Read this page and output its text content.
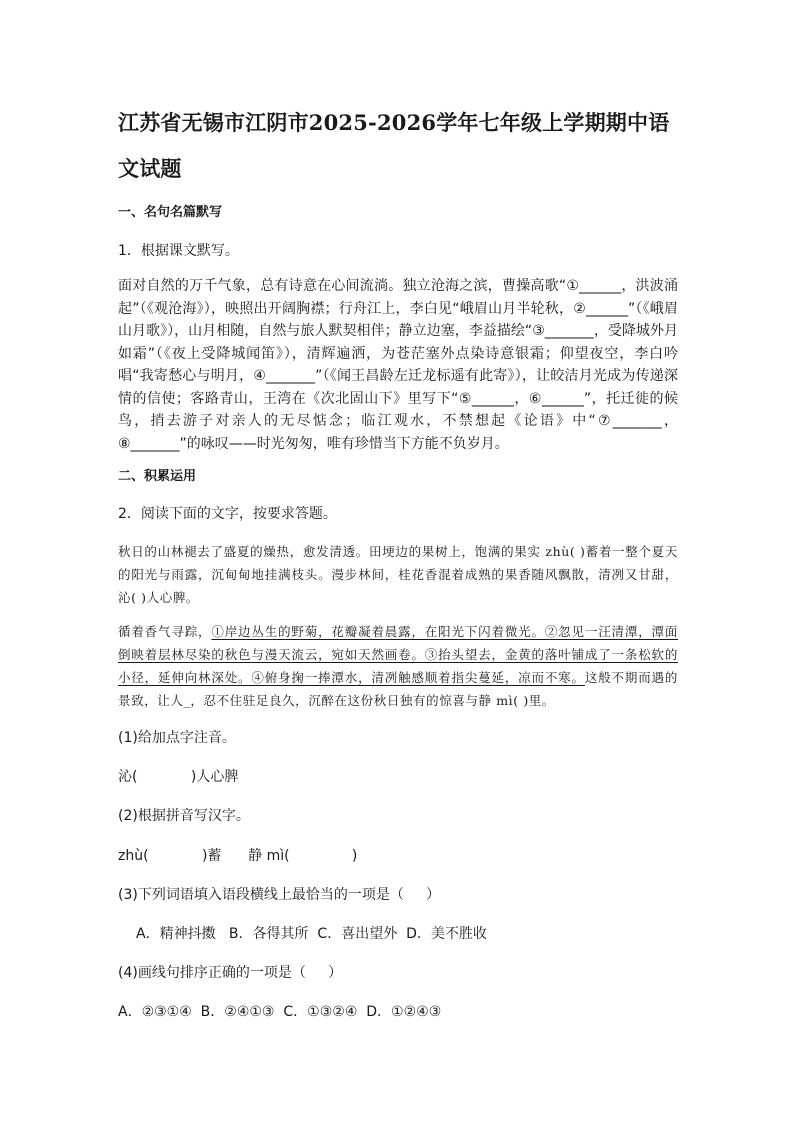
江苏省无锡市江阴市2025-2026学年七年级上学期期中语文试题
一、名句名篇默写
1．根据课文默写。
面对自然的万千气象，总有诗意在心间流淌。独立沧海之滨，曹操高歌“①______，洪波涌起”（《观沧海》），映照出开阔胸襟；行舟江上，李白见“峨眉山月半轮秋，②______”（《峨眉山月歌》），山月相随，自然与旅人默契相伴；静立边塞，李益描绘“③_______，受降城外月如霜”（《夜上受降城闻笛》），清辉遍洒，为苍茫塞外点染诗意银霜；仰望夜空，李白吟唱“我寄愁心与明月，④_______”（《闻王昌龄左迁龙标遥有此寄》），让皎洁月光成为传递深情的信使；客路青山，王湾在《次北固山下》里写下“⑤______，⑥______”，托迁徙的候鸟，捎去游子对亲人的无尽惦念；临江观水，不禁想起《论语》中“⑦_______，⑧_______”的咏叹——时光匆匆，唯有珍惜当下方能不负岁月。
二、积累运用
2．阅读下面的文字，按要求答题。
秋日的山林褪去了盛夏的燥热，愈发清透。田埂边的果树上，饱满的果实 zhù( )蓄着一整个夏天的阳光与雨露，沉甸甸地挂满枝头。漫步林间，桂花香混着成熟的果香随风飘散，清冽又甘甜，沁( )人心脾。
循着香气寻踪，①岸边丛生的野菊，花瓣凝着晨露，在阳光下闪着微光。②忽见一汪清潭，潭面倒映着层林尽染的秋色与漫天流云，宛如天然画卷。③抬头望去，金黄的落叶铺成了一条松软的小径，延伸向林深处。④俯身掬一捧潭水，清冽触感顺着指尖蔓延，凉而不寒。这般不期而遇的景致，让人_，忍不住驻足良久，沉醉在这份秋日独有的惊喜与静 mì( )里。
(1)给加点字注音。
沁(            )人心脾
(2)根据拼音写汉字。
zhù(            )蓄      静 mì(              )
(3)下列词语填入语段横线上最恰当的一项是（     ）
A．精神抖擞   B．各得其所  C．喜出望外  D．美不胜收
(4)画线句排序正确的一项是（     ）
A．②③①④  B．②④①③  C．①③②④  D．①②④③
